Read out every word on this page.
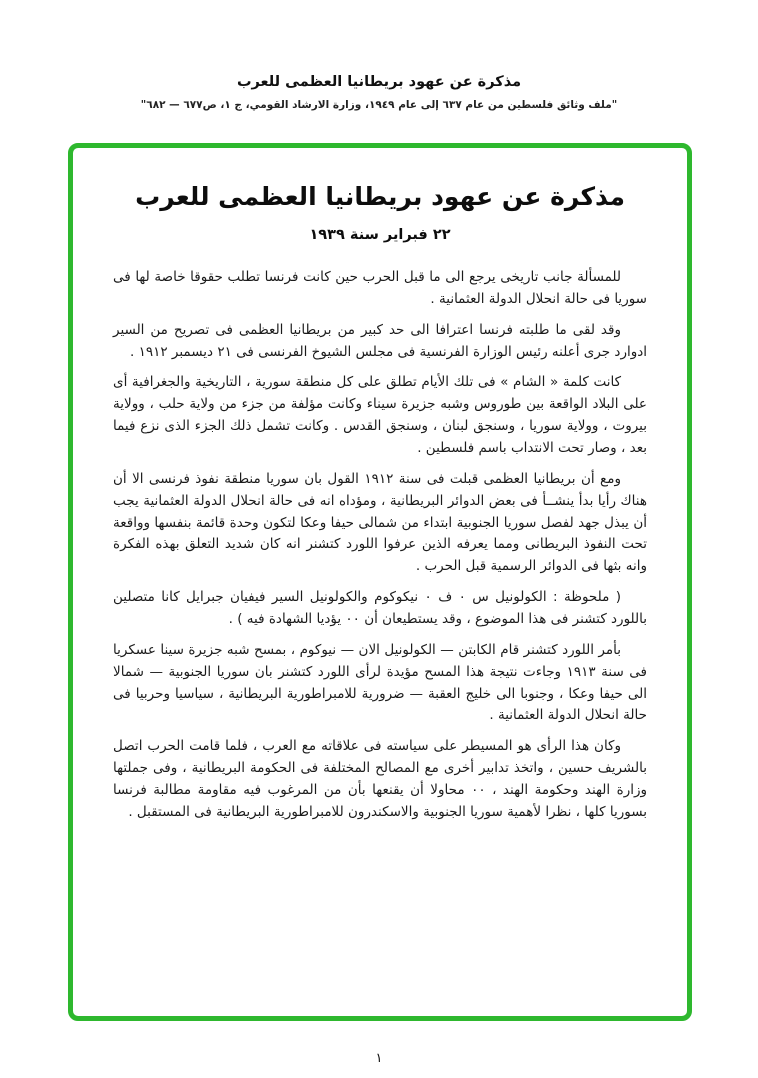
مذكرة عن عهود بريطانيا العظمى للعرب
"ملف وثائق فلسطين من عام ٦٣٧ إلى عام ١٩٤٩، وزارة الارشاد القومي، ج ١، ص٦٧٧ — ٦٨٢"
مذكرة عن عهود بريطانيا العظمى للعرب
٢٢ فبراير سنة ١٩٣٩

للمسألة جانب تاريخى يرجع الى ما قبل الحرب حين كانت فرنسا تطلب حقوقا خاصة لها فى سوريا فى حالة انحلال الدولة العثمانية .

وقد لقى ما طلبته فرنسا اعترافا الى حد كبير من بريطانيا العظمى فى تصريح من السير ادوارد جرى أعلنه رئيس الوزارة الفرنسية فى مجلس الشيوخ الفرنسى فى ٢١ ديسمبر ١٩١٢ .

كانت كلمة « الشام » فى تلك الأيام تطلق على كل منطقة سورية ، التاريخية والجغرافية أى على البلاد الواقعة بين طوروس وشبه جزيرة سيناء وكانت مؤلفة من جزء من ولاية حلب ، وولاية بيروت ، وولاية سوريا ، وسنجق لبنان ، وسنجق القدس . وكانت تشمل ذلك الجزء الذى نزع فيما بعد ، وصار تحت الانتداب باسم فلسطين .

ومع أن بريطانيا العظمى قبلت فى سنة ١٩١٢ القول بان سوريا منطقة نفوذ فرنسى الا أن هناك رأيا بدأ ينشــأ فى بعض الدوائر البريطانية ، ومؤداه انه فى حالة انحلال الدولة العثمانية يجب أن يبذل جهد لفصل سوريا الجنوبية ابتداء من شمالى حيفا وعكا لتكون وحدة قائمة بنفسها وواقعة تحت النفوذ البريطانى ومما يعرفه الذين عرفوا اللورد كتشنر انه كان شديد التعلق بهذه الفكرة وانه بثها فى الدوائر الرسمية قبل الحرب .

( ملحوظة : الكولونيل س ٠ ف ٠ نيكوكوم والكولونيل السير فيفيان جبرايل كانا متصلين باللورد كتشنر فى هذا الموضوع ، وقد يستطيعان أن ٠٠ يؤديا الشهادة فيه ) .

بأمر اللورد كتشنر قام الكابتن — الكولونيل الان — نيوكوم ، بمسح شبه جزيرة سينا عسكريا فى سنة ١٩١٣ وجاءت نتيجة هذا المسح مؤيدة لرأى اللورد كتشنر بان سوريا الجنوبية — شمالا الى حيفا وعكا ، وجنوبا الى خليج العقبة — ضرورية للامبراطورية البريطانية ، سياسيا وحربيا فى حالة انحلال الدولة العثمانية .

وكان هذا الرأى هو المسيطر على سياسته فى علاقاته مع العرب ، فلما قامت الحرب اتصل بالشريف حسين ، واتخذ تدابير أخرى مع المصالح المختلفة فى الحكومة البريطانية ، وفى جملتها وزارة الهند وحكومة الهند ، ٠٠ محاولا أن يقنعها بأن من المرغوب فيه مقاومة مطالبة فرنسا بسوريا كلها ، نظرا لأهمية سوريا الجنوبية والاسكندرون للامبراطورية البريطانية فى المستقبل .

١
